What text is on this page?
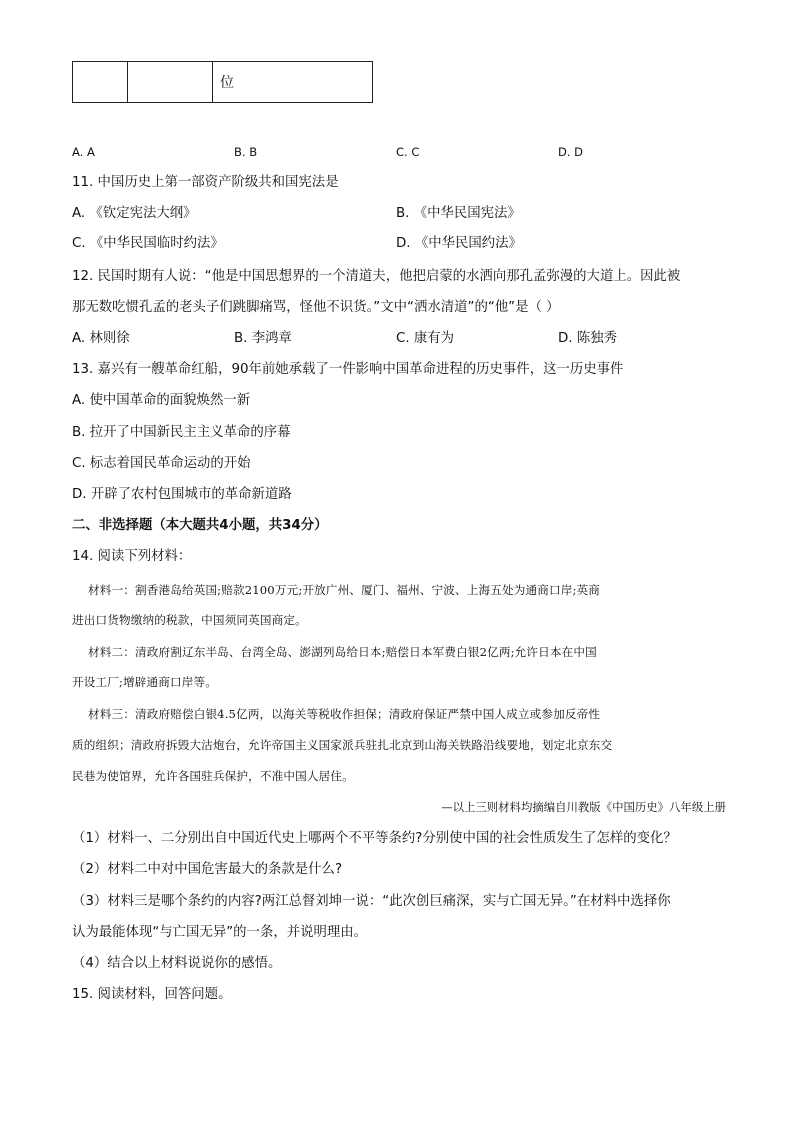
		位
A. A	B. B	C. C	D. D
11. 中国历史上第一部资产阶级共和国宪法是
A. 《钦定宪法大纲》	B. 《中华民国宪法》
C. 《中华民国临时约法》	D. 《中华民国约法》
12. 民国时期有人说：“他是中国思想界的一个清道夫，他把启蒙的水洒向那孔孟弥漫的大道上。因此被
那无数吃惯孔孟的老头子们跳脚痛骂，怪他不识货。”文中“洒水清道”的“他”是（ ）
A. 林则徐	B. 李鸿章	C. 康有为	D. 陈独秀
13. 嘉兴有一艘革命红船，90年前她承载了一件影响中国革命进程的历史事件，这一历史事件
A. 使中国革命的面貌焕然一新
B. 拉开了中国新民主主义革命的序幕
C. 标志着国民革命运动的开始
D. 开辟了农村包围城市的革命新道路
二、非选择题（本大题共4小题，共34分）
14. 阅读下列材料：
材料一：割香港岛给英国;赔款2100万元;开放广州、厦门、福州、宁波、上海五处为通商口岸;英商
进出口货物缴纳的税款，中国须同英国商定。
材料二：清政府割辽东半岛、台湾全岛、澎湖列岛给日本;赔偿日本军费白银2亿两;允许日本在中国
开设工厂;增辟通商口岸等。
材料三：清政府赔偿白银4.5亿两，以海关等税收作担保；清政府保证严禁中国人成立或参加反帝性
质的组织；清政府拆毁大沽炮台，允许帝国主义国家派兵驻扎北京到山海关铁路沿线要地，划定北京东交
民巷为使馆界，允许各国驻兵保护，不准中国人居住。
—以上三则材料均摘编自川教版《中国历史》八年级上册
（1）材料一、二分别出自中国近代史上哪两个不平等条约?分别使中国的社会性质发生了怎样的变化？
（2）材料二中对中国危害最大的条款是什么?
（3）材料三是哪个条约的内容?两江总督刘坤一说：“此次创巨痛深，实与亡国无异。”在材料中选择你
认为最能体现“与亡国无异”的一条，并说明理由。
（4）结合以上材料说说你的感悟。
15. 阅读材料，回答问题。
